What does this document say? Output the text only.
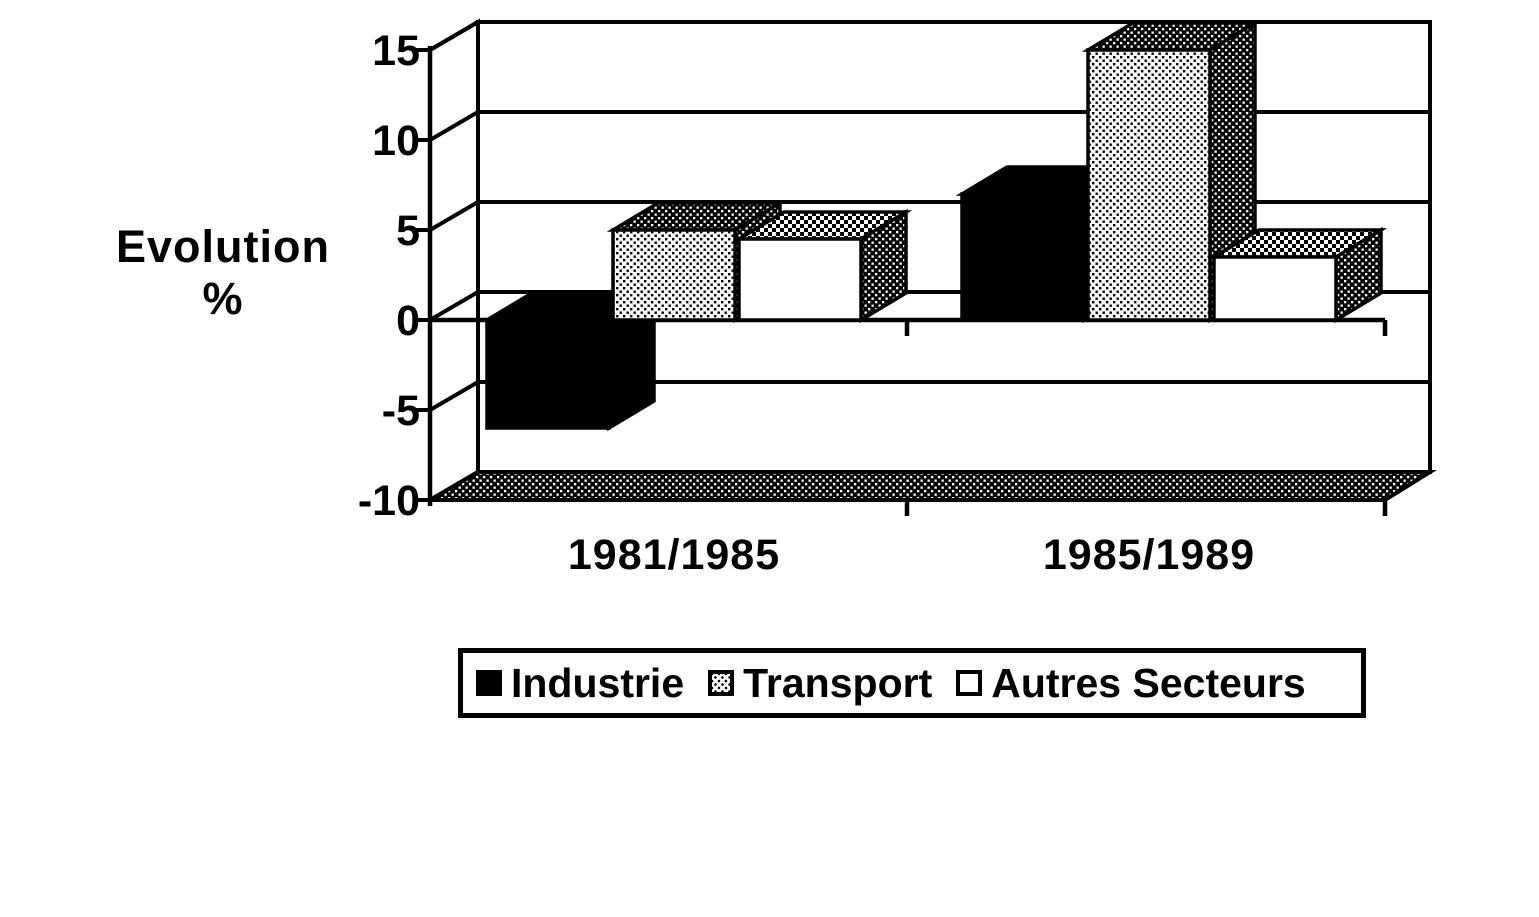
15
10
5
0
-5
-10
1981/1985	1985/1989
Evolution
%
Industrie Transport Autres Secteurs
